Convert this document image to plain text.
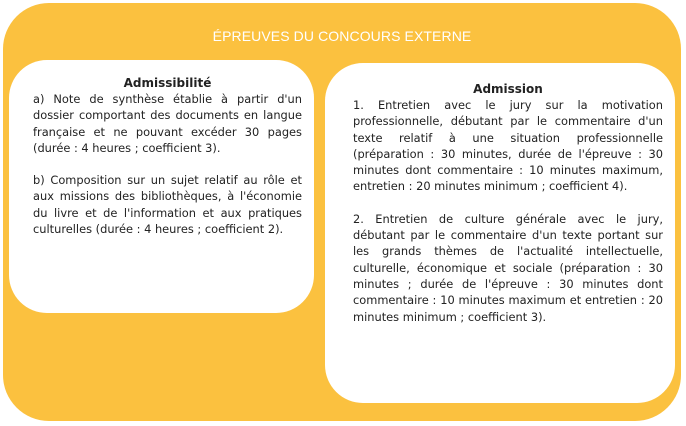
ÉPREUVES DU CONCOURS EXTERNE
Admissibilité

a) Note de synthèse établie à partir d'un dossier comportant des documents en langue française et ne pouvant excéder 30 pages (durée : 4 heures ; coefficient 3).

b) Composition sur un sujet relatif au rôle et aux missions des bibliothèques, à l'économie du livre et de l'information et aux pratiques culturelles (durée : 4 heures ; coefficient 2).

Admission

1. Entretien avec le jury sur la motivation professionnelle, débutant par le commentaire d'un texte relatif à une situation professionnelle (préparation : 30 minutes, durée de l'épreuve : 30 minutes dont commentaire : 10 minutes maximum, entretien : 20 minutes minimum ; coefficient 4).

2. Entretien de culture générale avec le jury, débutant par le commentaire d'un texte portant sur les grands thèmes de l'actualité intellectuelle, culturelle, économique et sociale (préparation : 30 minutes ; durée de l'épreuve : 30 minutes dont commentaire : 10 minutes maximum et entretien : 20 minutes minimum ; coefficient 3).
